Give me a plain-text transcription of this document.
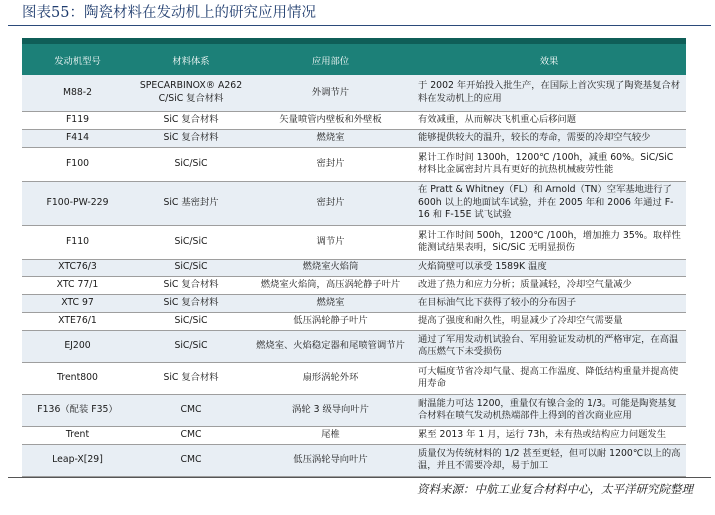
图表55：陶瓷材料在发动机上的研究应用情况
发动机型号	材料体系	应用部位	效果
M88-2	SPECARBINOX® A262 C/SiC 复合材料	外调节片	于 2002 年开始投入批生产，在国际上首次实现了陶瓷基复合材料在发动机上的应用
F119	SiC 复合材料	矢量喷管内壁板和外壁板	有效减重，从而解决飞机重心后移问题
F414	SiC 复合材料	燃烧室	能够提供较大的温升，较长的寿命，需要的冷却空气较少
F100	SiC/SiC	密封片	累计工作时间 1300h，1200℃ /100h，减重 60%。SiC/SiC 材料比金属密封片具有更好的抗热机械疲劳性能
F100-PW-229	SiC 基密封片	密封片	在 Pratt & Whitney（FL）和 Arnold（TN）空军基地进行了 600h 以上的地面试车试验，并在 2005 年和 2006 年通过 F-16 和 F-15E 试飞试验
F110	SiC/SiC	调节片	累计工作时间 500h，1200℃ /100h，增加推力 35%。取样性能测试结果表明，SiC/SiC 无明显损伤
XTC76/3	SiC/SiC	燃烧室火焰筒	火焰筒壁可以承受 1589K 温度
XTC 77/1	SiC 复合材料	燃烧室火焰筒，高压涡轮静子叶片	改进了热力和应力分析；质量减轻，冷却空气量减少
XTC 97	SiC 复合材料	燃烧室	在目标油气比下获得了较小的分布因子
XTE76/1	SiC/SiC	低压涡轮静子叶片	提高了强度和耐久性，明显减少了冷却空气需要量
EJ200	SiC/SiC	燃烧室、火焰稳定器和尾喷管调节片	通过了军用发动机试验台、军用验证发动机的严格审定，在高温高压燃气下未受损伤
Trent800	SiC 复合材料	扇形涡轮外环	可大幅度节省冷却气量、提高工作温度、降低结构重量并提高使用寿命
F136（配装 F35）	CMC	涡轮 3 级导向叶片	耐温能力可达 1200，重量仅有镍合金的 1/3。可能是陶瓷基复合材料在喷气发动机热端部件上得到的首次商业应用
Trent	CMC	尾椎	累至 2013 年 1 月，运行 73h，未有热或结构应力问题发生
Leap-X[29]	CMC	低压涡轮导向叶片	质量仅为传统材料的 1/2 甚至更轻，但可以耐 1200℃以上的高温，并且不需要冷却，易于加工
资料来源：中航工业复合材料中心，太平洋研究院整理
